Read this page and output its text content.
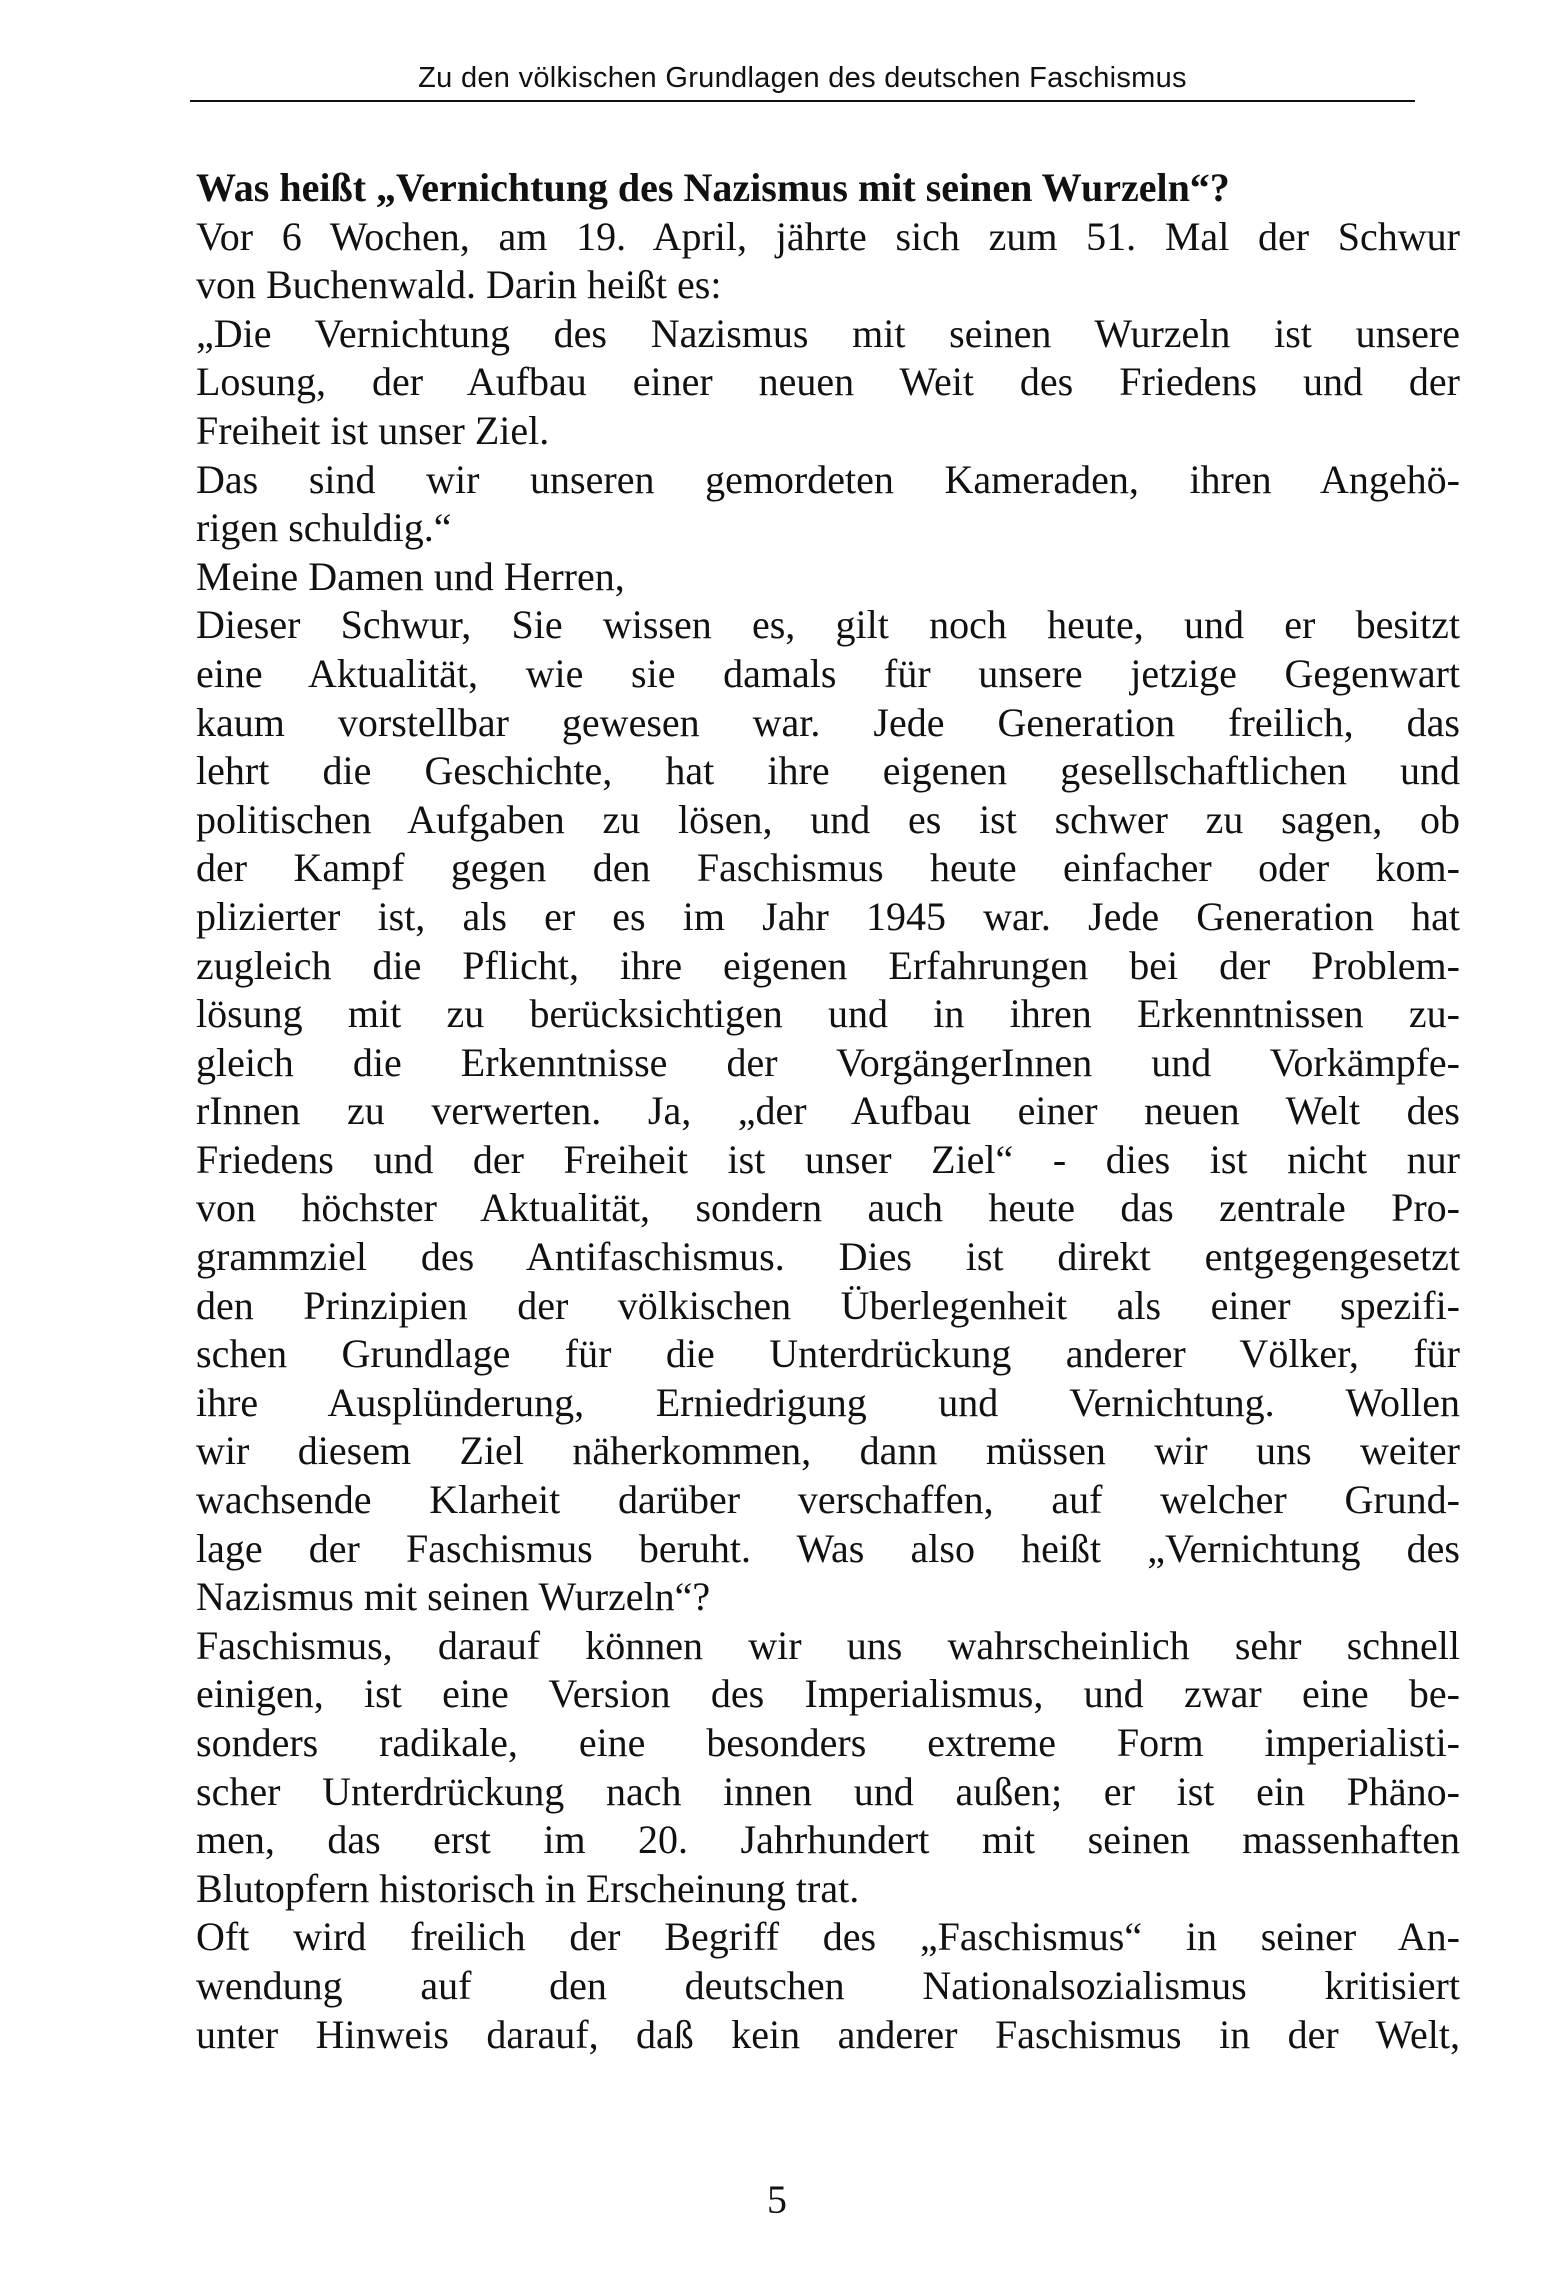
Zu den völkischen Grundlagen des deutschen Faschismus
Was heißt „Vernichtung des Nazismus mit seinen Wurzeln“?
Vor 6 Wochen, am 19. April, jährte sich zum 51. Mal der Schwur
von Buchenwald. Darin heißt es:
„Die Vernichtung des Nazismus mit seinen Wurzeln ist unsere
Losung, der Aufbau einer neuen Weit des Friedens und der
Freiheit ist unser Ziel.
Das sind wir unseren gemordeten Kameraden, ihren Angehö-
rigen schuldig.“
Meine Damen und Herren,
Dieser Schwur, Sie wissen es, gilt noch heute, und er besitzt
eine Aktualität, wie sie damals für unsere jetzige Gegenwart
kaum vorstellbar gewesen war. Jede Generation freilich, das
lehrt die Geschichte, hat ihre eigenen gesellschaftlichen und
politischen Aufgaben zu lösen, und es ist schwer zu sagen, ob
der Kampf gegen den Faschismus heute einfacher oder kom-
plizierter ist, als er es im Jahr 1945 war. Jede Generation hat
zugleich die Pflicht, ihre eigenen Erfahrungen bei der Problem-
lösung mit zu berücksichtigen und in ihren Erkenntnissen zu-
gleich die Erkenntnisse der VorgängerInnen und Vorkämpfe-
rInnen zu verwerten. Ja, „der Aufbau einer neuen Welt des
Friedens und der Freiheit ist unser Ziel“ - dies ist nicht nur
von höchster Aktualität, sondern auch heute das zentrale Pro-
grammziel des Antifaschismus. Dies ist direkt entgegengesetzt
den Prinzipien der völkischen Überlegenheit als einer spezifi-
schen Grundlage für die Unterdrückung anderer Völker, für
ihre Ausplünderung, Erniedrigung und Vernichtung. Wollen
wir diesem Ziel näherkommen, dann müssen wir uns weiter
wachsende Klarheit darüber verschaffen, auf welcher Grund-
lage der Faschismus beruht. Was also heißt „Vernichtung des
Nazismus mit seinen Wurzeln“?
Faschismus, darauf können wir uns wahrscheinlich sehr schnell
einigen, ist eine Version des Imperialismus, und zwar eine be-
sonders radikale, eine besonders extreme Form imperialisti-
scher Unterdrückung nach innen und außen; er ist ein Phäno-
men, das erst im 20. Jahrhundert mit seinen massenhaften
Blutopfern historisch in Erscheinung trat.
Oft wird freilich der Begriff des „Faschismus“ in seiner An-
wendung auf den deutschen Nationalsozialismus kritisiert
unter Hinweis darauf, daß kein anderer Faschismus in der Welt,
5
